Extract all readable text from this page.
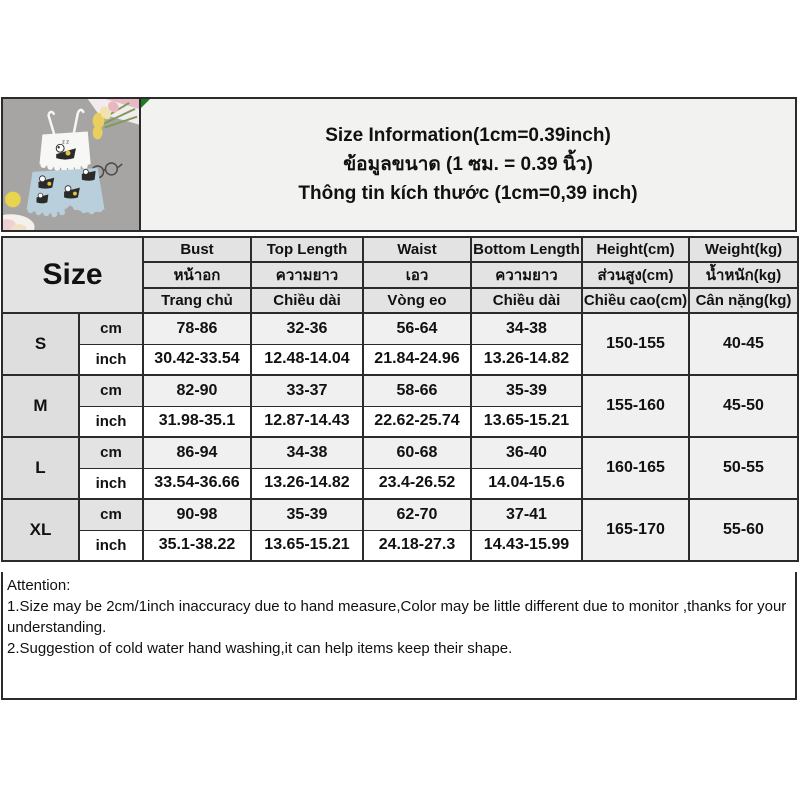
z z	Size Information(1cm=0.39inch)
ข้อมูลขนาด (1 ซม. = 0.39 นิ้ว)
Thông tin kích thước (1cm=0,39 inch)
Size		Bust	Top Length	Waist	Bottom Length	Height(cm)	Weight(kg)
		หน้าอก	ความยาว	เอว	ความยาว	ส่วนสูง(cm)	น้ำหนัก(kg)
		Trang chủ	Chiều dài	Vòng eo	Chiều dài	Chiều cao(cm)	Cân nặng(kg)
S	cm	78-86	32-36	56-64	34-38	150-155	40-45
	inch	30.42-33.54	12.48-14.04	21.84-24.96	13.26-14.82		
M	cm	82-90	33-37	58-66	35-39	155-160	45-50
	inch	31.98-35.1	12.87-14.43	22.62-25.74	13.65-15.21		
L	cm	86-94	34-38	60-68	36-40	160-165	50-55
	inch	33.54-36.66	13.26-14.82	23.4-26.52	14.04-15.6		
XL	cm	90-98	35-39	62-70	37-41	165-170	55-60
	inch	35.1-38.22	13.65-15.21	24.18-27.3	14.43-15.99		
Attention:
1.Size may be 2cm/1inch inaccuracy due to hand measure,Color may be little different due to monitor ,thanks for your understanding.
2.Suggestion of cold water hand washing,it can help items keep their shape.
